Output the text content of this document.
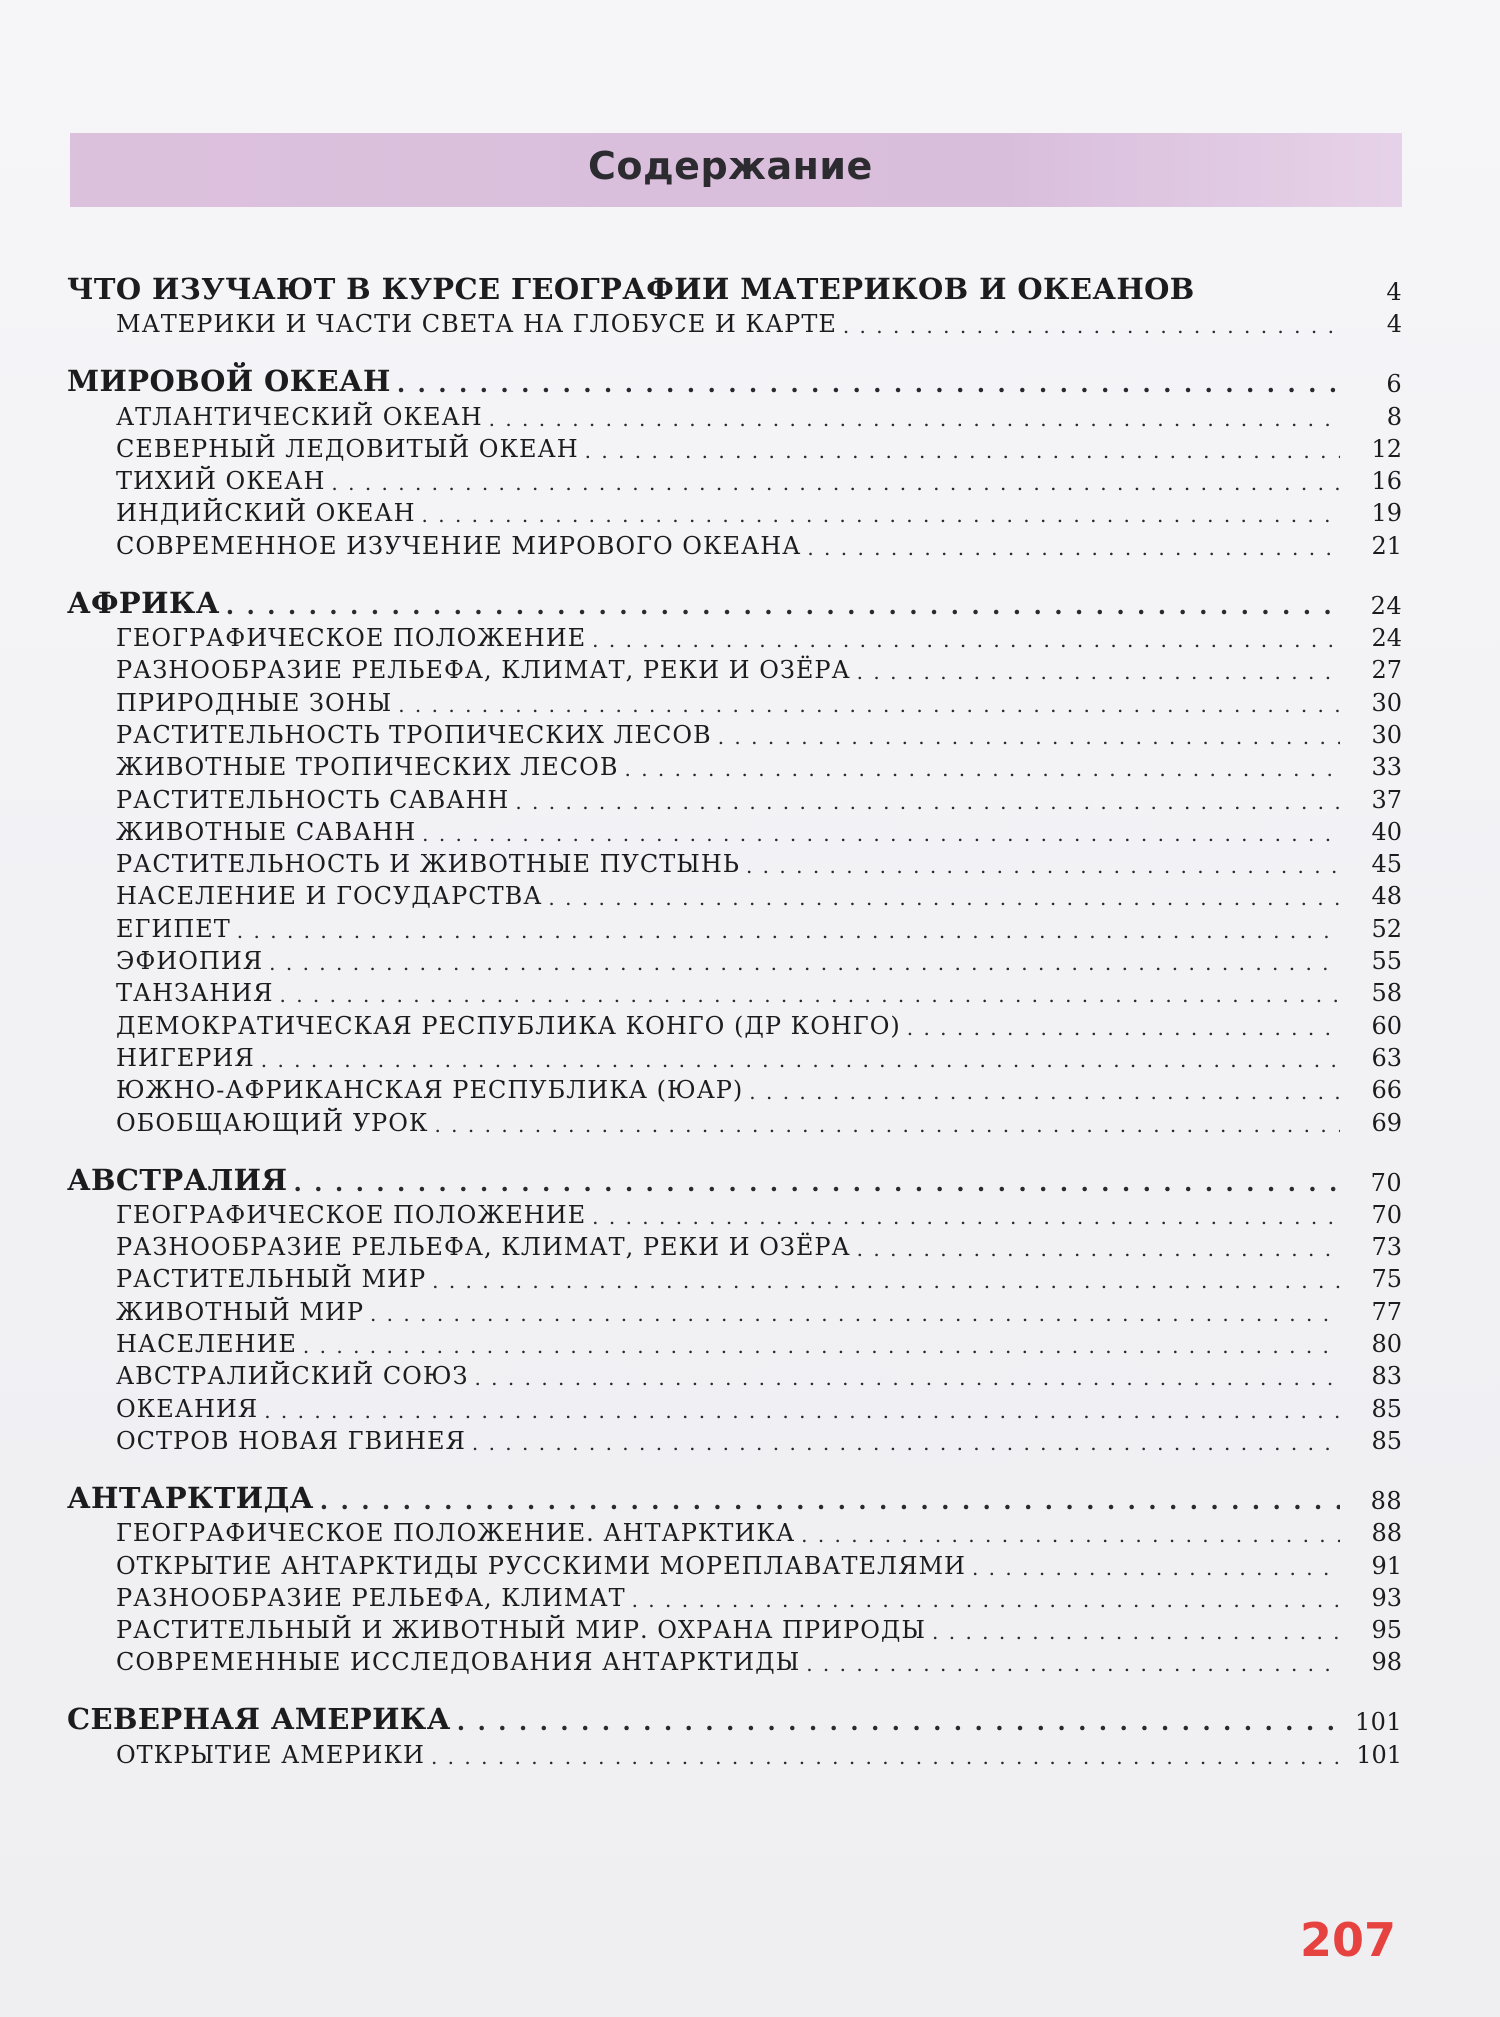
Содержание
ЧТО ИЗУЧАЮТ В КУРСЕ ГЕОГРАФИИ МАТЕРИКОВ И ОКЕАНОВ	4
МАТЕРИКИ И ЧАСТИ СВЕТА НА ГЛОБУСЕ И КАРТЕ . . .	4
МИРОВОЙ ОКЕАН . . .	6
АТЛАНТИЧЕСКИЙ ОКЕАН . . .	8
СЕВЕРНЫЙ ЛЕДОВИТЫЙ ОКЕАН . . .	12
ТИХИЙ ОКЕАН . . .	16
ИНДИЙСКИЙ ОКЕАН . . .	19
СОВРЕМЕННОЕ ИЗУЧЕНИЕ МИРОВОГО ОКЕАНА . . .	21
АФРИКА . . .	24
ГЕОГРАФИЧЕСКОЕ ПОЛОЖЕНИЕ . . .	24
РАЗНООБРАЗИЕ РЕЛЬЕФА, КЛИМАТ, РЕКИ И ОЗЁРА . . .	27
ПРИРОДНЫЕ ЗОНЫ . . .	30
РАСТИТЕЛЬНОСТЬ ТРОПИЧЕСКИХ ЛЕСОВ . . .	30
ЖИВОТНЫЕ ТРОПИЧЕСКИХ ЛЕСОВ . . .	33
РАСТИТЕЛЬНОСТЬ САВАНН . . .	37
ЖИВОТНЫЕ САВАНН . . .	40
РАСТИТЕЛЬНОСТЬ И ЖИВОТНЫЕ ПУСТЫНЬ . . .	45
НАСЕЛЕНИЕ И ГОСУДАРСТВА . . .	48
ЕГИПЕТ . . .	52
ЭФИОПИЯ . . .	55
ТАНЗАНИЯ . . .	58
ДЕМОКРАТИЧЕСКАЯ РЕСПУБЛИКА КОНГО (ДР КОНГО) . . .	60
НИГЕРИЯ . . .	63
ЮЖНО-АФРИКАНСКАЯ РЕСПУБЛИКА (ЮАР) . . .	66
ОБОБЩАЮЩИЙ УРОК . . .	69
АВСТРАЛИЯ . . .	70
ГЕОГРАФИЧЕСКОЕ ПОЛОЖЕНИЕ . . .	70
РАЗНООБРАЗИЕ РЕЛЬЕФА, КЛИМАТ, РЕКИ И ОЗЁРА . . .	73
РАСТИТЕЛЬНЫЙ МИР . . .	75
ЖИВОТНЫЙ МИР . . .	77
НАСЕЛЕНИЕ . . .	80
АВСТРАЛИЙСКИЙ СОЮЗ . . .	83
ОКЕАНИЯ . . .	85
ОСТРОВ НОВАЯ ГВИНЕЯ . . .	85
АНТАРКТИДА . . .	88
ГЕОГРАФИЧЕСКОЕ ПОЛОЖЕНИЕ. АНТАРКТИКА . . .	88
ОТКРЫТИЕ АНТАРКТИДЫ РУССКИМИ МОРЕПЛАВАТЕЛЯМИ . . .	91
РАЗНООБРАЗИЕ РЕЛЬЕФА, КЛИМАТ . . .	93
РАСТИТЕЛЬНЫЙ И ЖИВОТНЫЙ МИР. ОХРАНА ПРИРОДЫ . . .	95
СОВРЕМЕННЫЕ ИССЛЕДОВАНИЯ АНТАРКТИДЫ . . .	98
СЕВЕРНАЯ АМЕРИКА . . .	101
ОТКРЫТИЕ АМЕРИКИ . . .	101
207
